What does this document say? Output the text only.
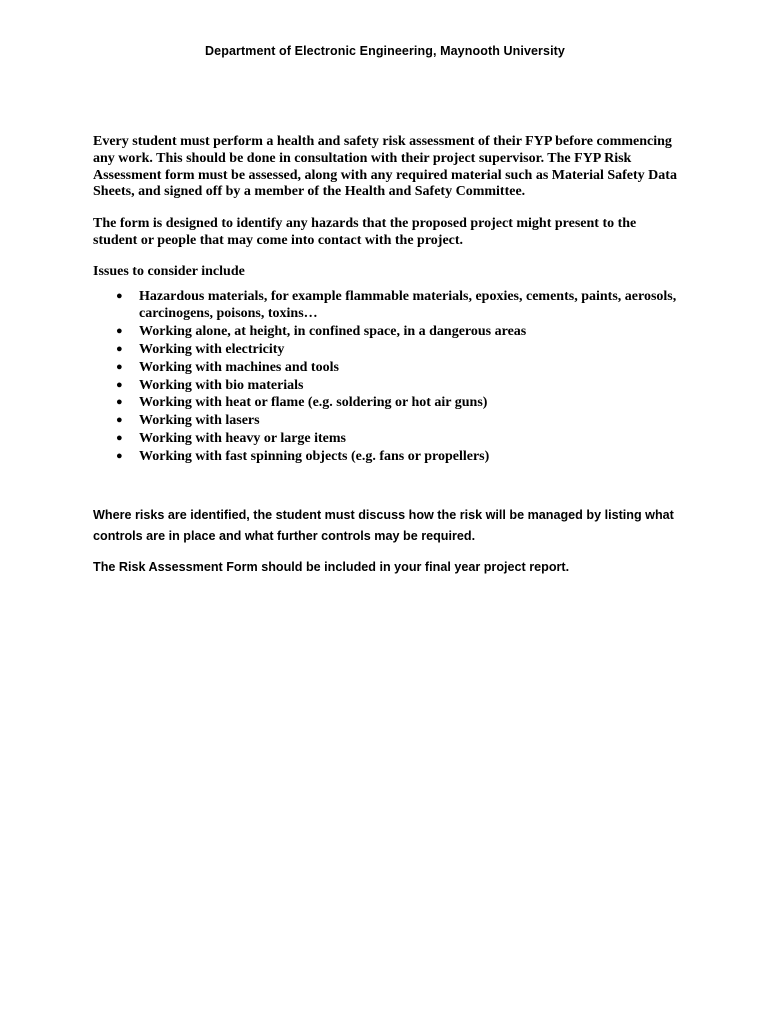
Department of Electronic Engineering, Maynooth University

Every student must perform a health and safety risk assessment of their FYP before commencing any work. This should be done in consultation with their project supervisor. The FYP Risk Assessment form must be assessed, along with any required material such as Material Safety Data Sheets, and signed off by a member of the Health and Safety Committee.

The form is designed to identify any hazards that the proposed project might present to the student or people that may come into contact with the project.

Issues to consider include

● Hazardous materials, for example flammable materials, epoxies, cements, paints, aerosols, carcinogens, poisons, toxins…
● Working alone, at height, in confined space, in a dangerous areas
● Working with electricity
● Working with machines and tools
● Working with bio materials
● Working with heat or flame (e.g. soldering or hot air guns)
● Working with lasers
● Working with heavy or large items
● Working with fast spinning objects (e.g. fans or propellers)

Where risks are identified, the student must discuss how the risk will be managed by listing what controls are in place and what further controls may be required.

The Risk Assessment Form should be included in your final year project report.
